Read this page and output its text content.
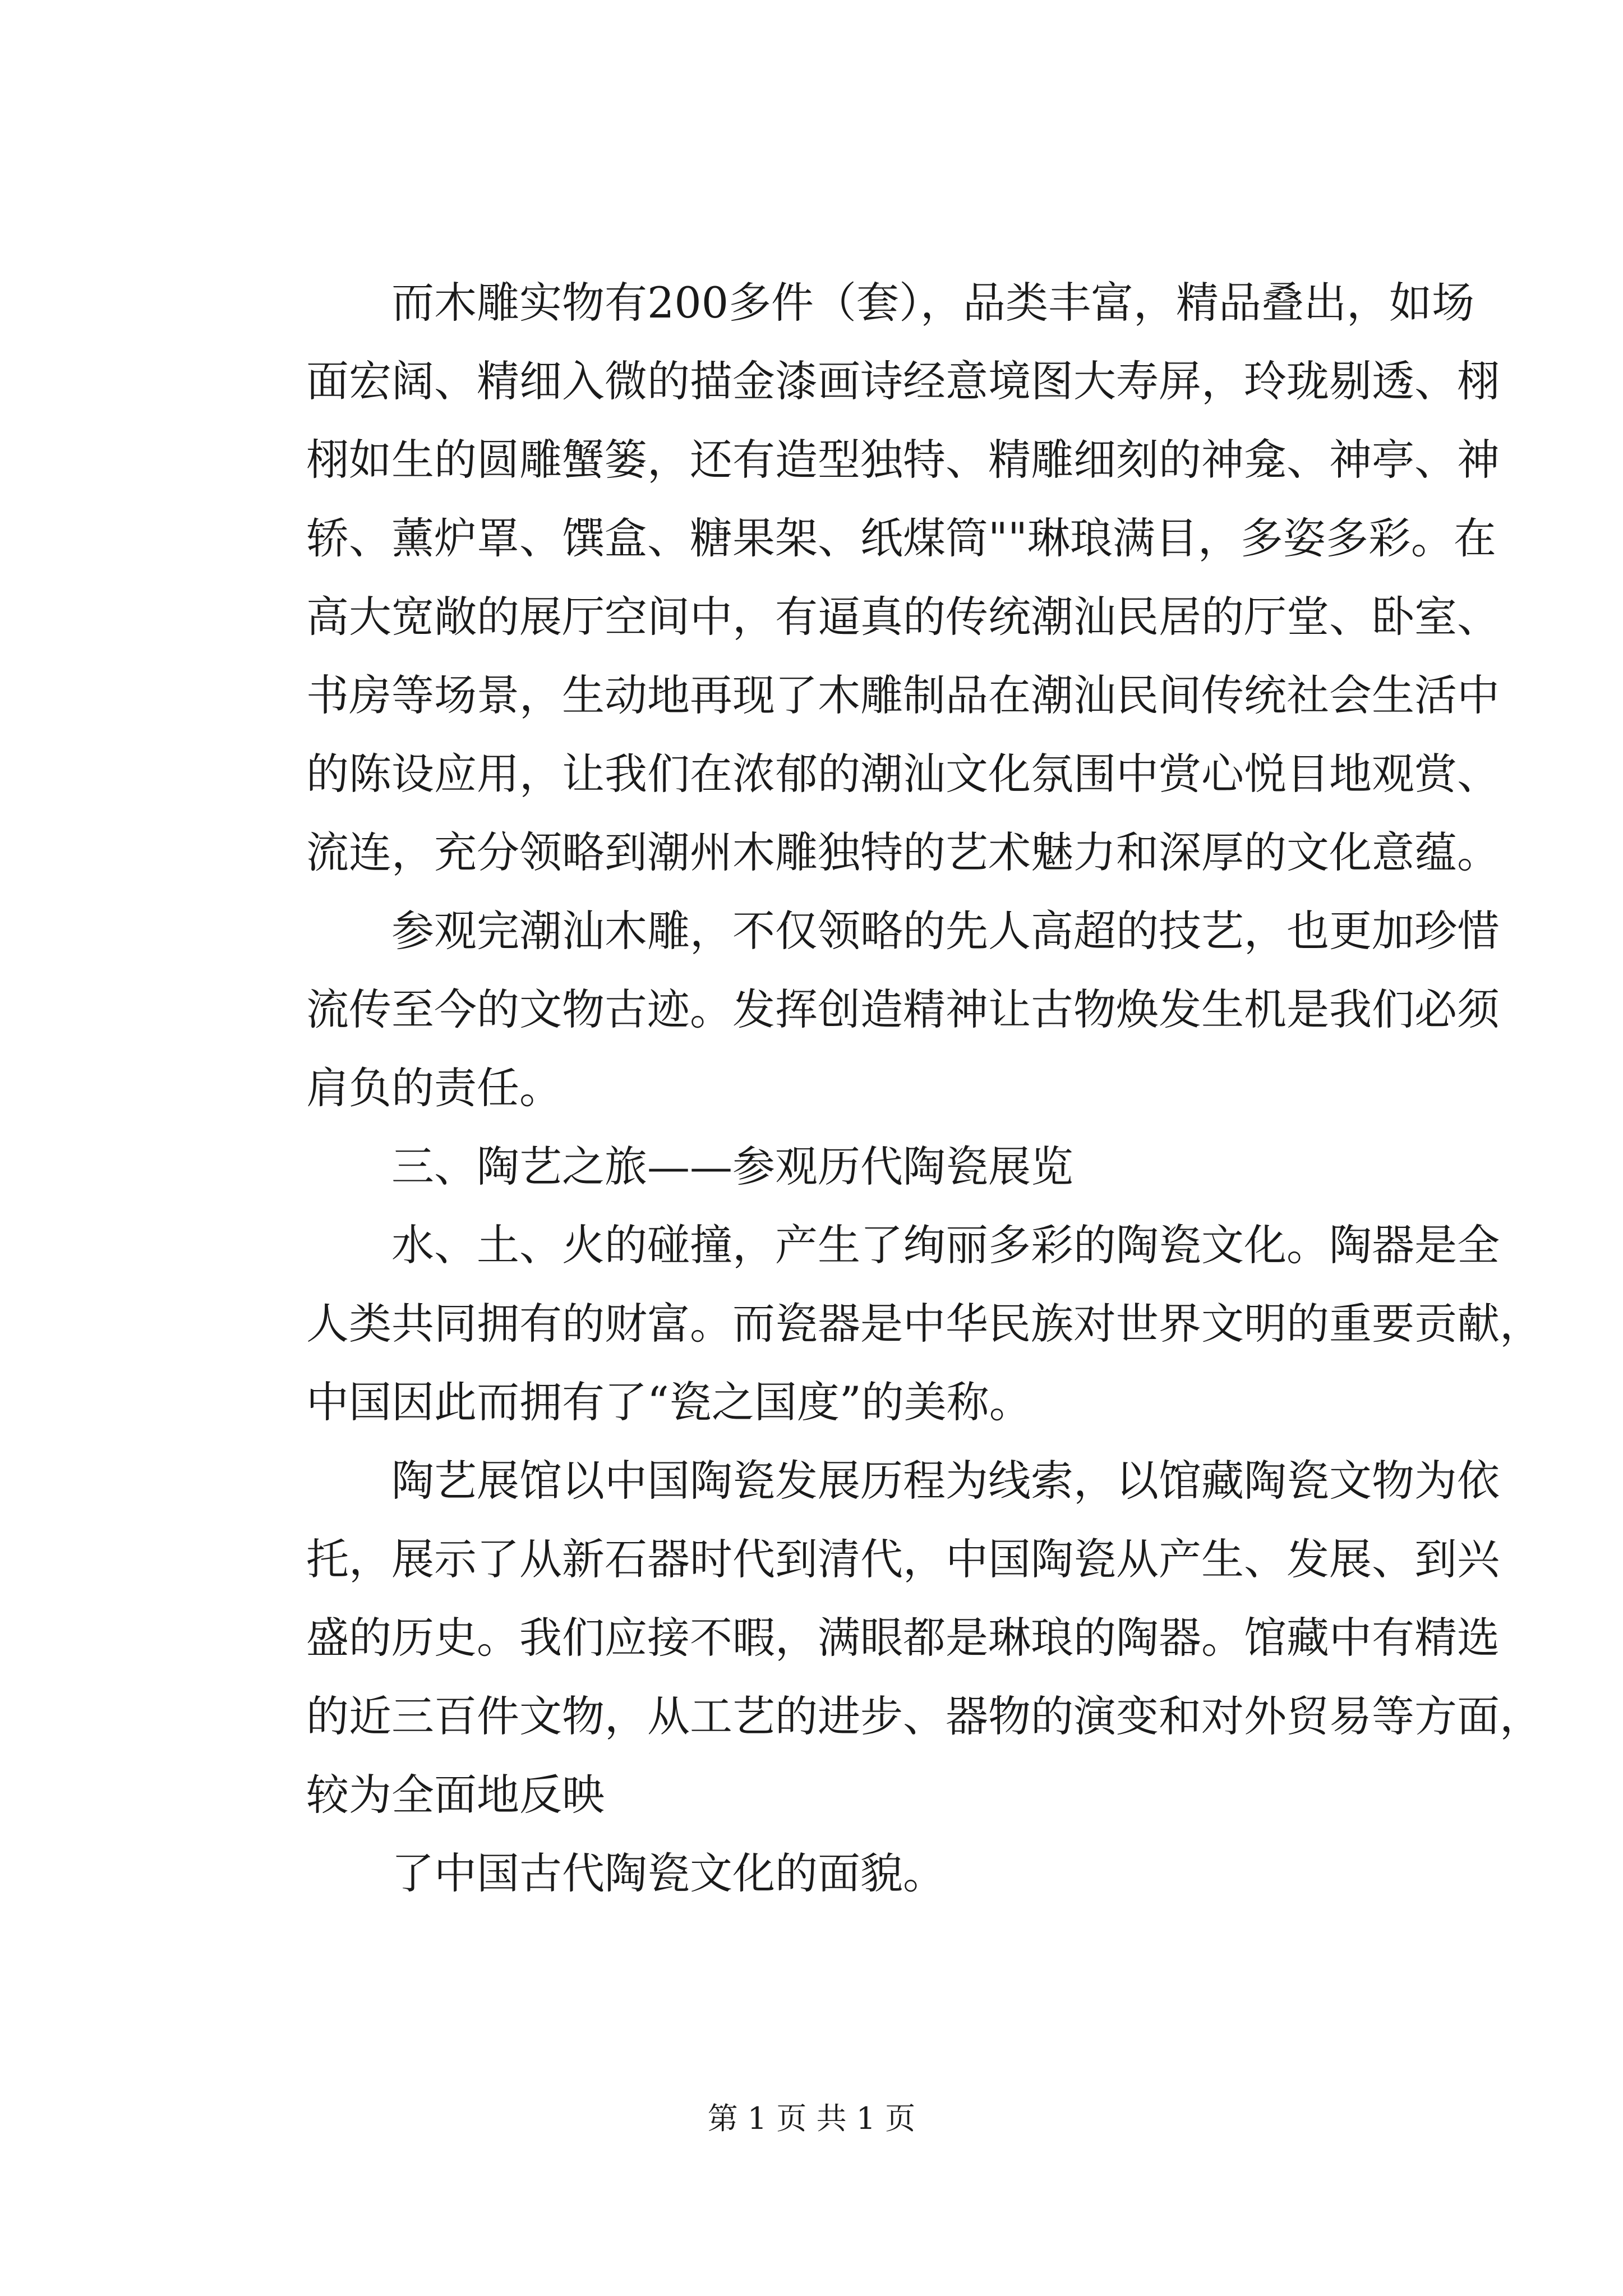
而木雕实物有200多件（套），品类丰富，精品叠出，如场
面宏阔、精细入微的描金漆画诗经意境图大寿屏，玲珑剔透、栩
栩如生的圆雕蟹篓，还有造型独特、精雕细刻的神龛、神亭、神
轿、薰炉罩、馔盒、糖果架、纸煤筒""琳琅满目，多姿多彩。在
高大宽敞的展厅空间中，有逼真的传统潮汕民居的厅堂、卧室、
书房等场景，生动地再现了木雕制品在潮汕民间传统社会生活中
的陈设应用，让我们在浓郁的潮汕文化氛围中赏心悦目地观赏、
流连，充分领略到潮州木雕独特的艺术魅力和深厚的文化意蕴。
参观完潮汕木雕，不仅领略的先人高超的技艺，也更加珍惜
流传至今的文物古迹。发挥创造精神让古物焕发生机是我们必须
肩负的责任。
三、陶艺之旅——参观历代陶瓷展览
水、土、火的碰撞，产生了绚丽多彩的陶瓷文化。陶器是全
人类共同拥有的财富。而瓷器是中华民族对世界文明的重要贡献，
中国因此而拥有了“瓷之国度”的美称。
陶艺展馆以中国陶瓷发展历程为线索，以馆藏陶瓷文物为依
托，展示了从新石器时代到清代，中国陶瓷从产生、发展、到兴
盛的历史。我们应接不暇，满眼都是琳琅的陶器。馆藏中有精选
的近三百件文物，从工艺的进步、器物的演变和对外贸易等方面，
较为全面地反映
了中国古代陶瓷文化的面貌。
第 1 页 共 1 页
